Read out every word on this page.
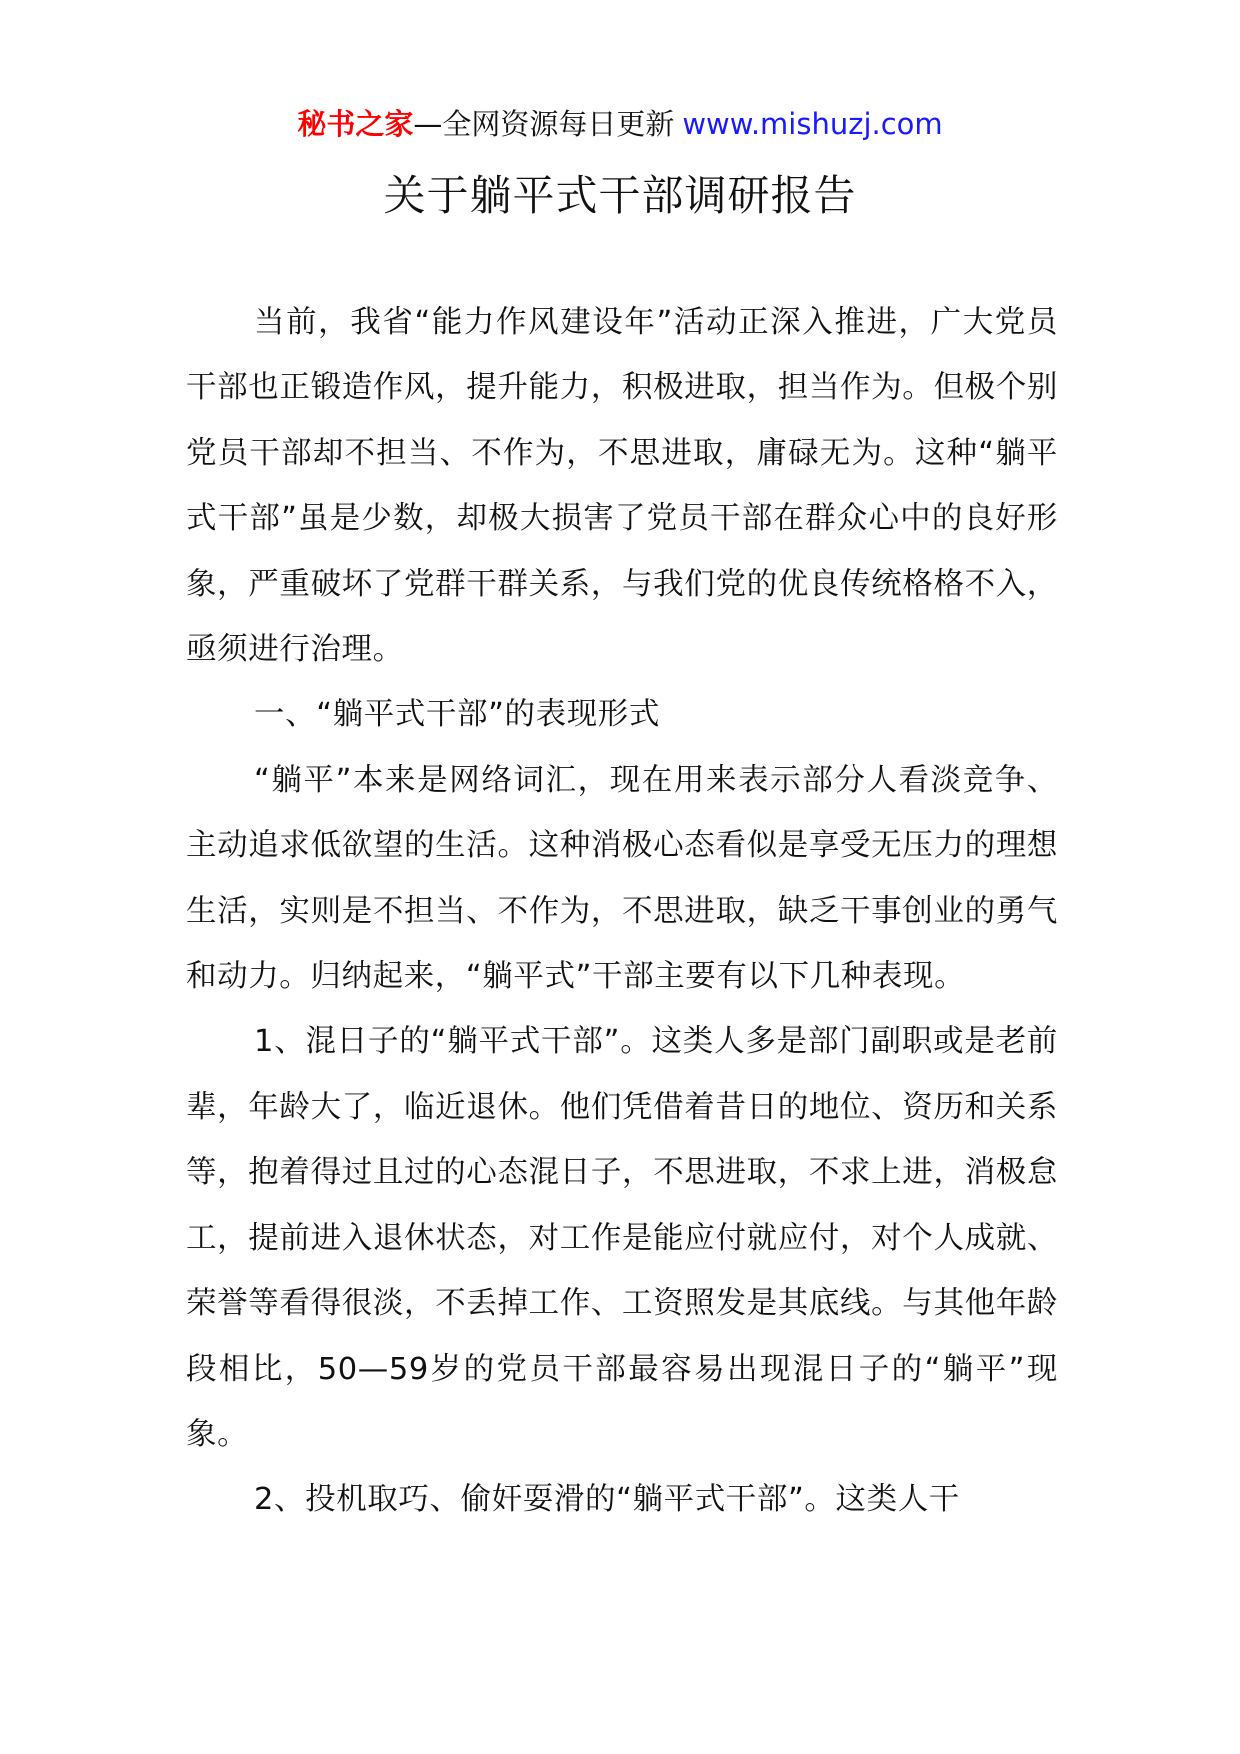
秘书之家—全网资源每日更新 www.mishuzj.com
关于躺平式干部调研报告

当前，我省“能力作风建设年”活动正深入推进，广大党员干部也正锻造作风，提升能力，积极进取，担当作为。但极个别党员干部却不担当、不作为，不思进取，庸碌无为。这种“躺平式干部”虽是少数，却极大损害了党员干部在群众心中的良好形象，严重破坏了党群干群关系，与我们党的优良传统格格不入，亟须进行治理。

一、“躺平式干部”的表现形式

“躺平”本来是网络词汇，现在用来表示部分人看淡竞争、主动追求低欲望的生活。这种消极心态看似是享受无压力的理想生活，实则是不担当、不作为，不思进取，缺乏干事创业的勇气和动力。归纳起来，“躺平式”干部主要有以下几种表现。

1、混日子的“躺平式干部”。这类人多是部门副职或是老前辈，年龄大了，临近退休。他们凭借着昔日的地位、资历和关系等，抱着得过且过的心态混日子，不思进取，不求上进，消极怠工，提前进入退休状态，对工作是能应付就应付，对个人成就、荣誉等看得很淡，不丢掉工作、工资照发是其底线。与其他年龄段相比，50—59岁的党员干部最容易出现混日子的“躺平”现象。

2、投机取巧、偷奸耍滑的“躺平式干部”。这类人干
